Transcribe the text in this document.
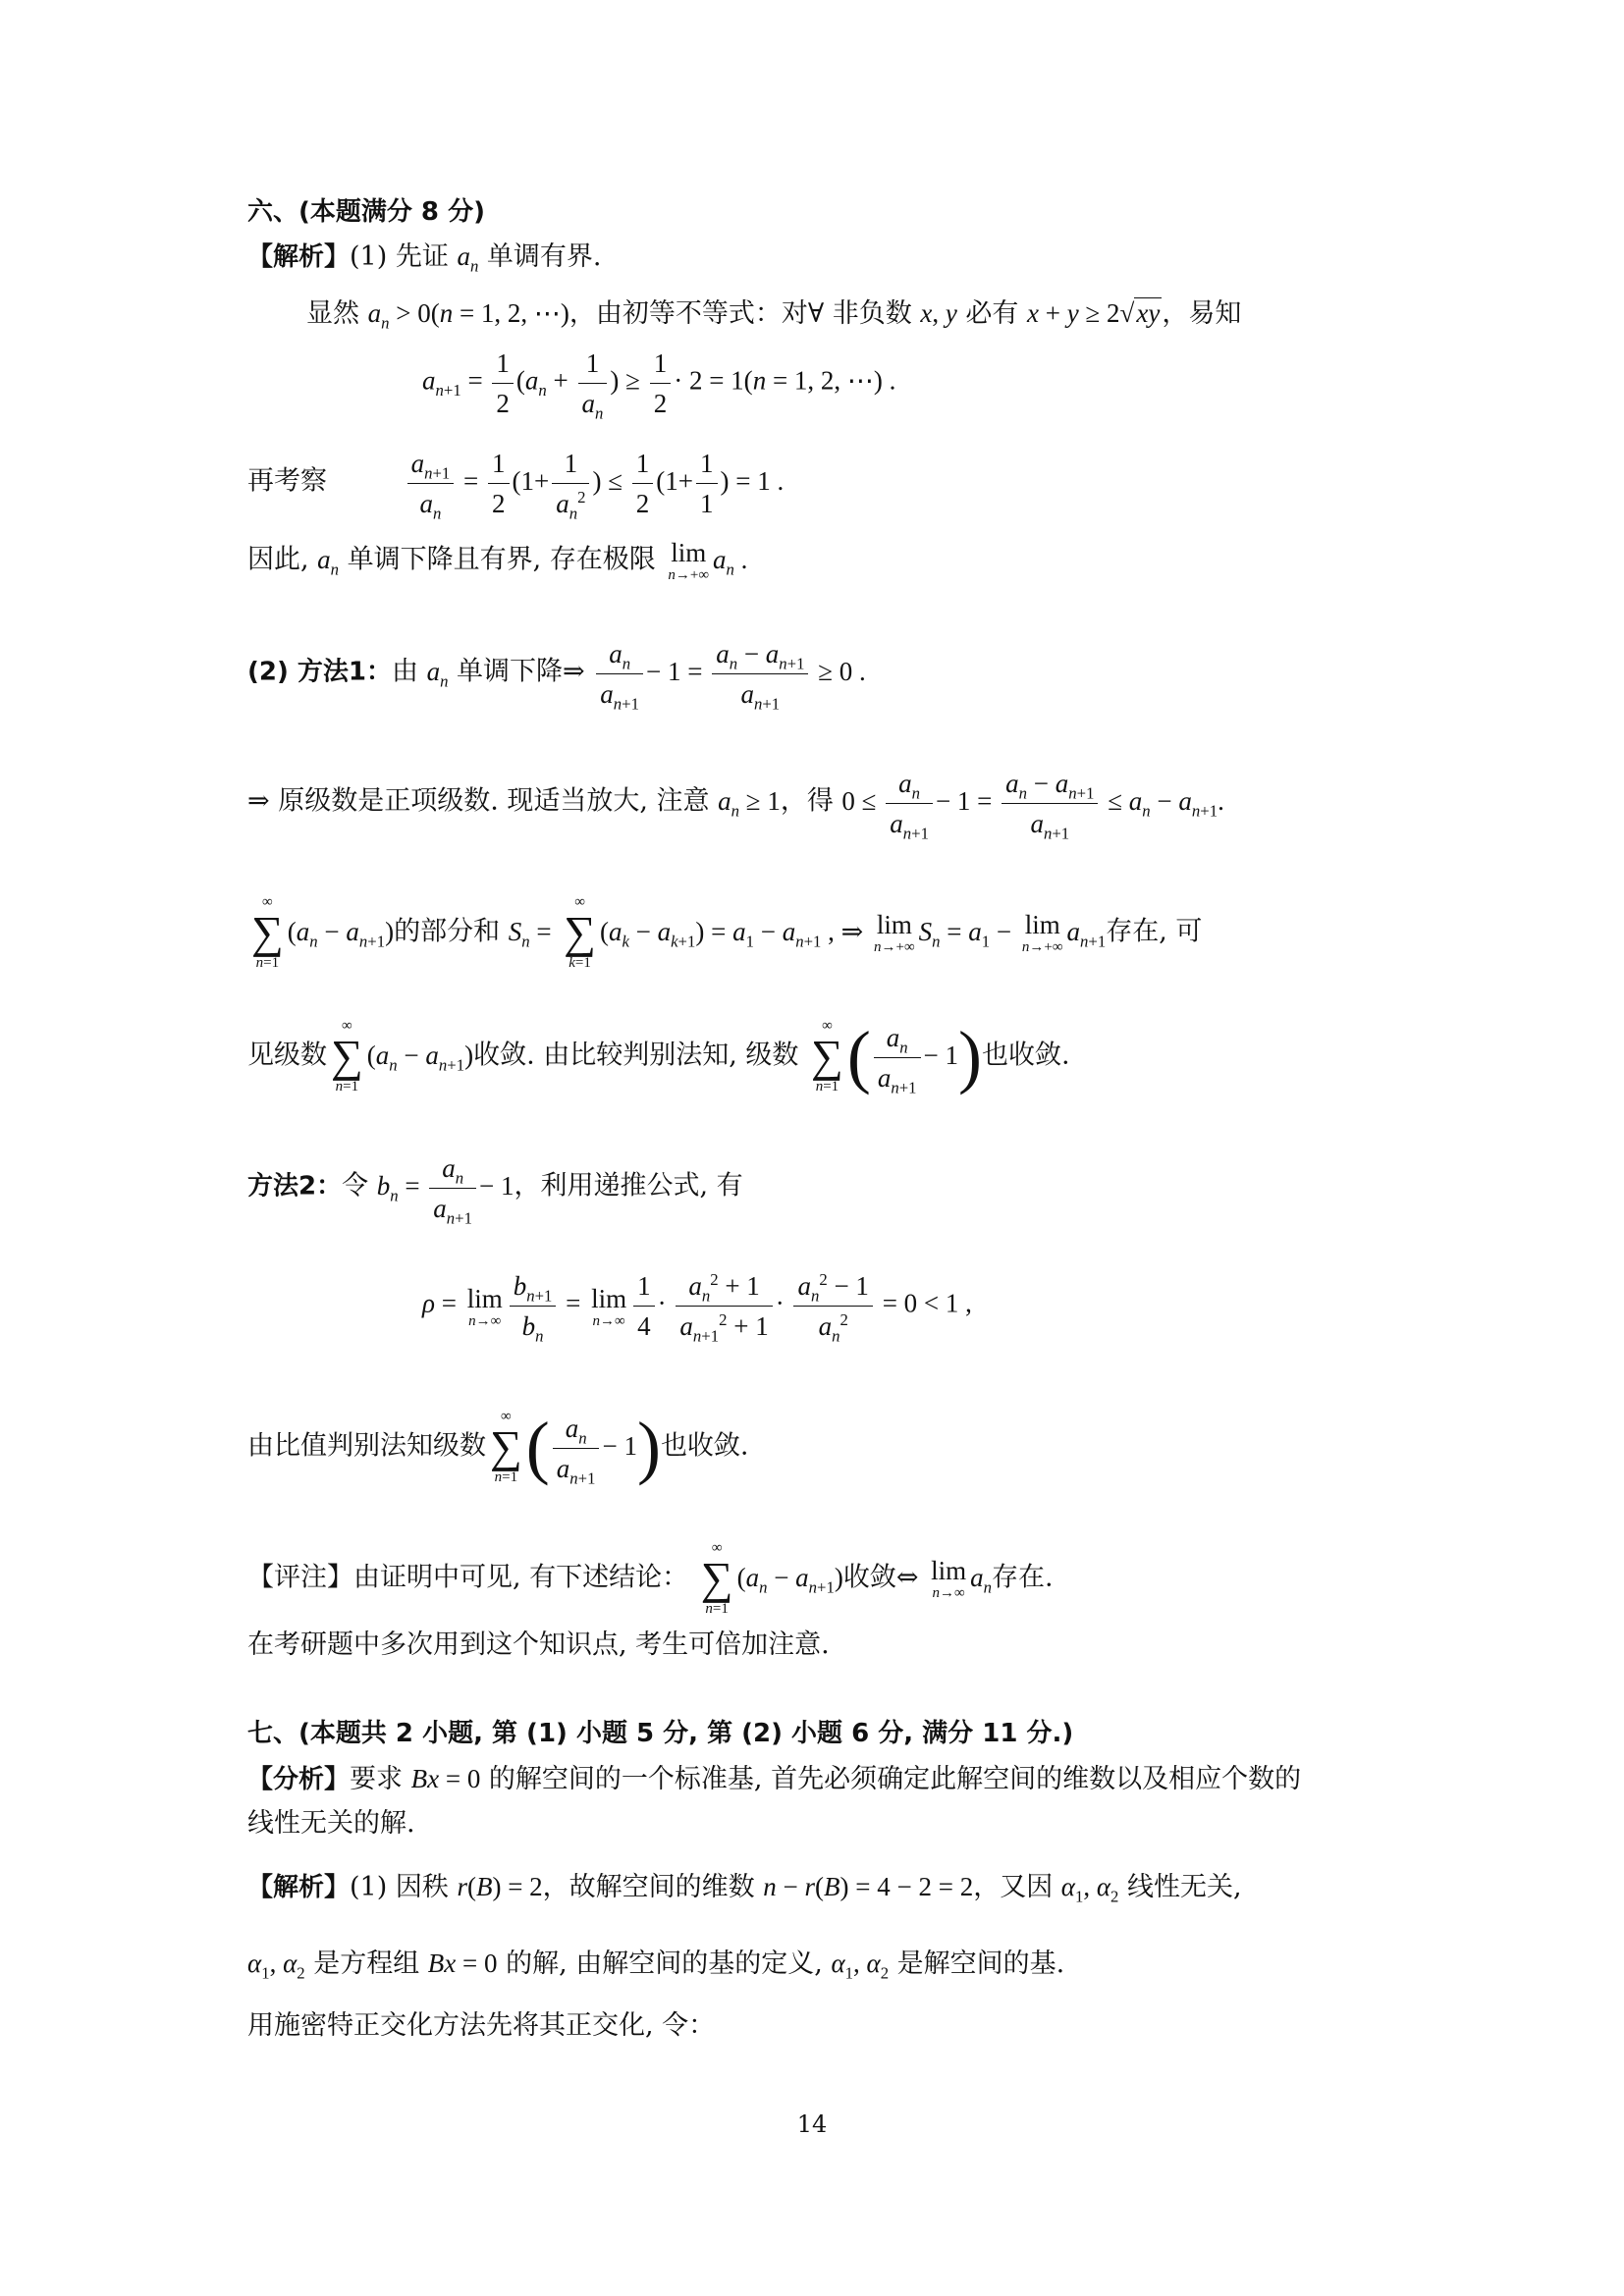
六、(本题满分 8 分)
【解析】(1) 先证 $a_n$ 单调有界.
显然 $a_n > 0(n = 1$, 2, ⋯)，由初等不等式：对∀ 非负数 x, y 必有 x + y ≥ 2√xy，易知
$a_{n+1} = \frac{1}{2} (a_n + \frac{1}{a_n}$ ) ≥ $\frac{1}{2} \cdot 2 = 1(n = 1$, 2, ⋯) .
再考察	$\frac{a_{n+1}}{a_n} = \frac{1}{2} (1+ \frac{1}{a_n^2}$ ) ≤ $\frac{1}{2} (1+ \frac{1}{1}$ ) = 1 .
因此, $a_n$ 单调下降且有界, 存在极限 lim
n→+∞
$a_n$ .
(2) 方法1：由 $a_n$ 单调下降⇒ $\frac{a_n}{a_{n+1}} - 1 = \frac{a_n - a_{n+1}}{a_{n+1}} \ge 0$ .
⇒ 原级数是正项级数. 现适当放大, 注意 $a_n \ge 1$，得 $0 \le \frac{a_n}{a_{n+1}} - 1 = \frac{a_n - a_{n+1}}{a_{n+1}} \le a_n - a_{n+1}$.
∞
∑
n=1
$(a_n - a_{n+1})$的部分和 $S_n$ =
∞
∑
k=1
$(a_k - a_{k+1}) = a_1 - a_{n+1}$ , ⇒ lim
n→+∞
$S_n = a_1 - \lim$
n→+∞
$a_{n+1}$存在, 可
见级数
∞
∑
n=1
$(a_n - a_{n+1})$收敛. 由比较判别法知, 级数
∞
∑
n=1 ( $\frac{a_n}{a_{n+1}} - 1$)也收敛.
方法2：令 $b_n = \frac{a_n}{a_{n+1}} - 1$，利用递推公式, 有
ρ = lim
$n\to\infty \frac{b_{n+1}}{b_n} = \lim$
$n\to\infty \frac{1}{4} \cdot \frac{a_n^2 + 1}{a_{n+1}^2 + 1} \cdot \frac{a_n^2 - 1}{a_n^2} = 0 < 1$ ,
由比值判别法知级数
∞
∑
n=1 ( $\frac{a_n}{a_{n+1}} - 1$)也收敛.
【评注】由证明中可见, 有下述结论：
∞
∑
n=1
$(a_n - a_{n+1})$收敛⇔ lim
n→∞
$a_n$存在.
在考研题中多次用到这个知识点, 考生可倍加注意.
七、(本题共 2 小题, 第 (1) 小题 5 分, 第 (2) 小题 6 分, 满分 11 分.)
【分析】要求 Bx = 0 的解空间的一个标准基, 首先必须确定此解空间的维数以及相应个数的
线性无关的解.
【解析】(1) 因秩 r(B) = 2，故解空间的维数 n − r(B) = 4 − 2 = 2，又因 $\alpha_1$, $\alpha_2$ 线性无关,
$\alpha_1$, $\alpha_2$ 是方程组 Bx = 0 的解, 由解空间的基的定义, $\alpha_1$, $\alpha_2$ 是解空间的基.
用施密特正交化方法先将其正交化, 令：
14
